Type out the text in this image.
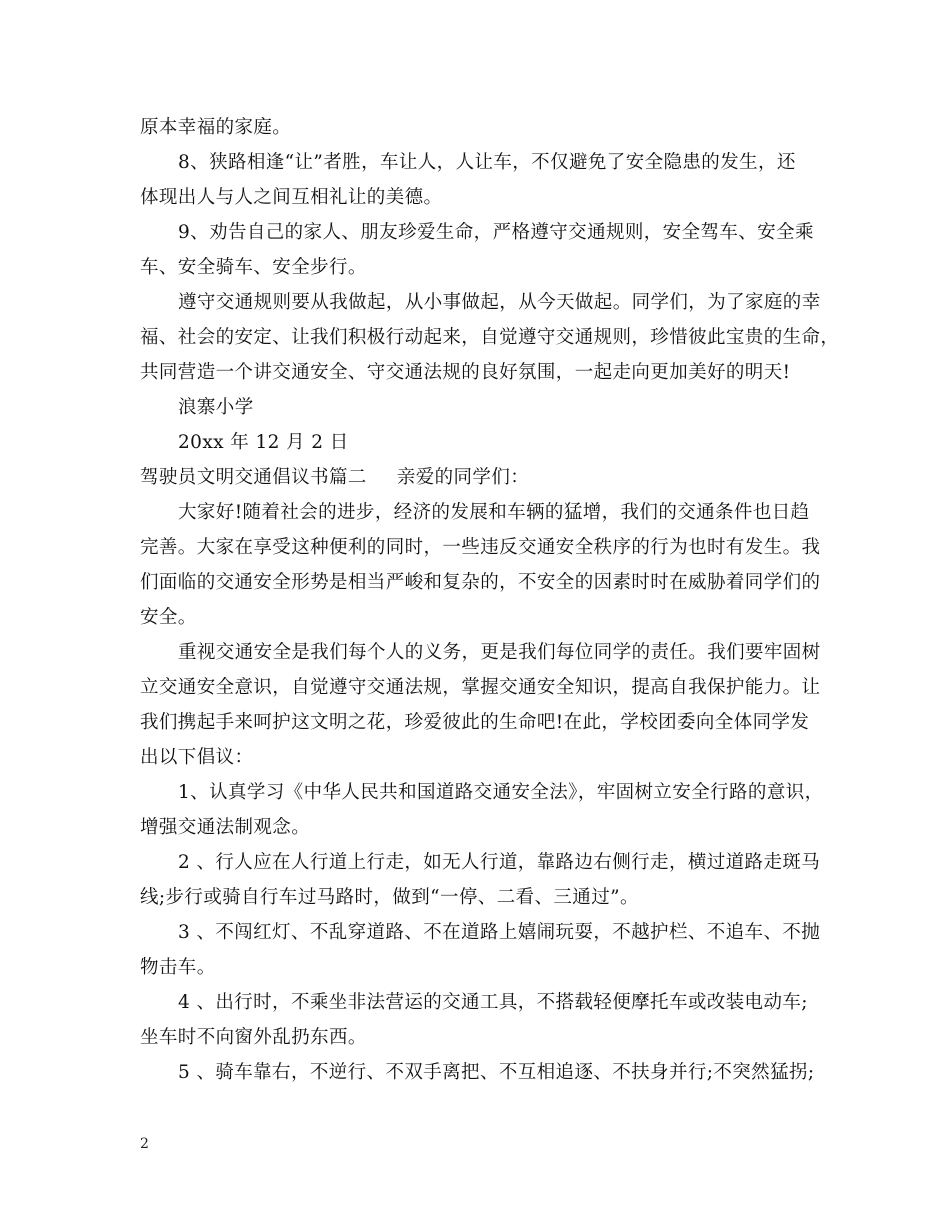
原本幸福的家庭。
8、狭路相逢“让”者胜，车让人，人让车，不仅避免了安全隐患的发生，还
体现出人与人之间互相礼让的美德。
9、劝告自己的家人、朋友珍爱生命，严格遵守交通规则，安全驾车、安全乘
车、安全骑车、安全步行。
遵守交通规则要从我做起，从小事做起，从今天做起。同学们，为了家庭的幸
福、社会的安定、让我们积极行动起来，自觉遵守交通规则，珍惜彼此宝贵的生命，
共同营造一个讲交通安全、守交通法规的良好氛围，一起走向更加美好的明天!
浪寨小学
20xx 年 12 月 2 日
驾驶员文明交通倡议书篇二 亲爱的同学们：
大家好!随着社会的进步，经济的发展和车辆的猛增，我们的交通条件也日趋
完善。大家在享受这种便利的同时，一些违反交通安全秩序的行为也时有发生。我
们面临的交通安全形势是相当严峻和复杂的，不安全的因素时时在威胁着同学们的
安全。
重视交通安全是我们每个人的义务，更是我们每位同学的责任。我们要牢固树
立交通安全意识，自觉遵守交通法规，掌握交通安全知识，提高自我保护能力。让
我们携起手来呵护这文明之花，珍爱彼此的生命吧!在此，学校团委向全体同学发
出以下倡议：
1、认真学习《中华人民共和国道路交通安全法》，牢固树立安全行路的意识，
增强交通法制观念。
2 、行人应在人行道上行走，如无人行道，靠路边右侧行走，横过道路走斑马
线;步行或骑自行车过马路时，做到“一停、二看、三通过”。
3 、不闯红灯、不乱穿道路、不在道路上嬉闹玩耍，不越护栏、不追车、不抛
物击车。
4 、出行时，不乘坐非法营运的交通工具，不搭载轻便摩托车或改装电动车;
坐车时不向窗外乱扔东西。
5 、骑车靠右，不逆行、不双手离把、不互相追逐、不扶身并行;不突然猛拐;
2
